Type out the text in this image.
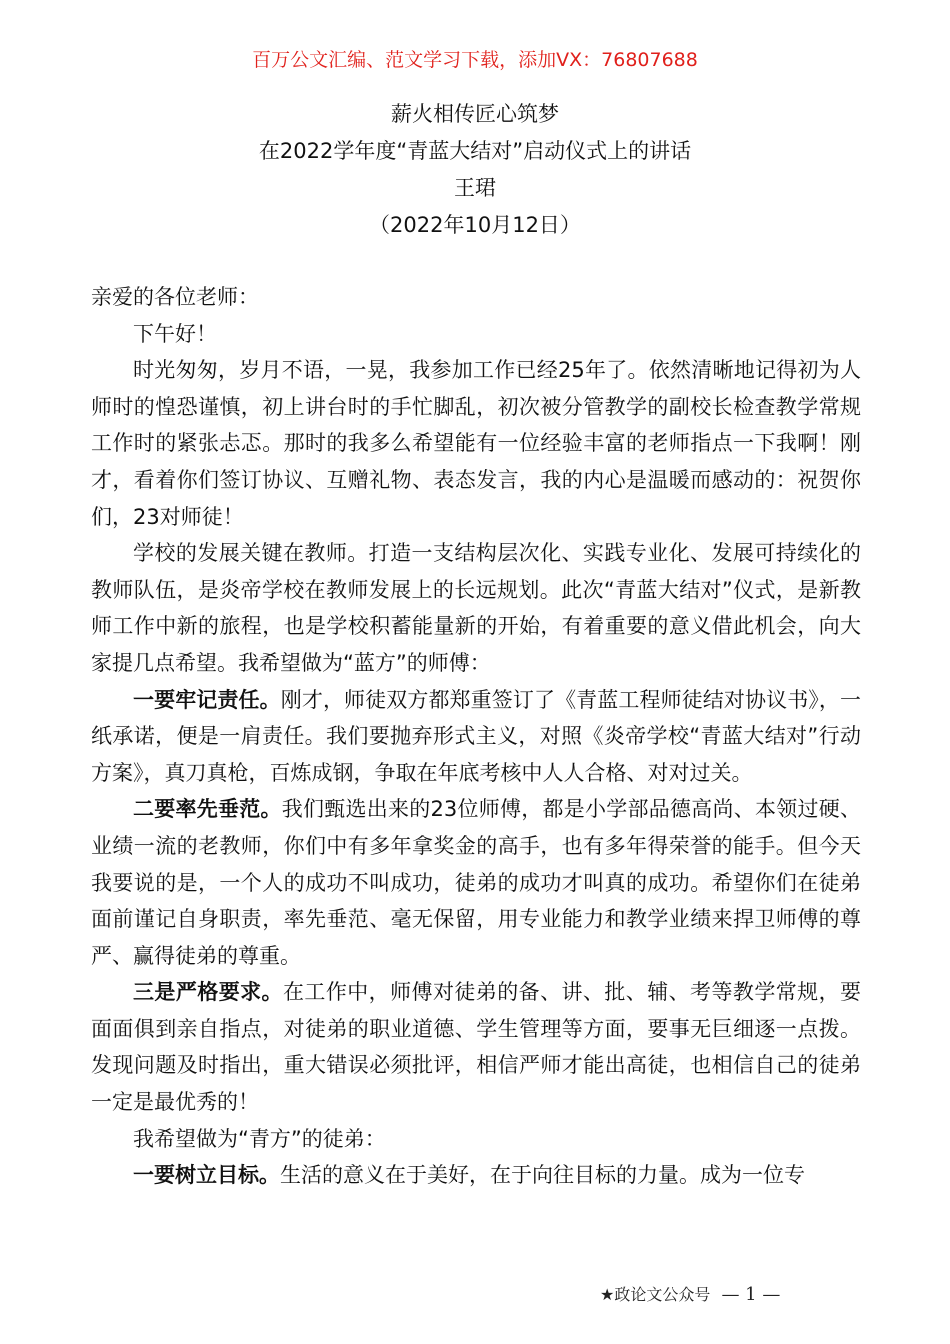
百万公文汇编、范文学习下载，添加VX：76807688
薪火相传匠心筑梦
在2022学年度“青蓝大结对”启动仪式上的讲话
王珺
（2022年10月12日）

亲爱的各位老师：

下午好！

时光匆匆，岁月不语，一晃，我参加工作已经25年了。依然清晰地记得初为人师时的惶恐谨慎，初上讲台时的手忙脚乱，初次被分管教学的副校长检查教学常规工作时的紧张忐忑。那时的我多么希望能有一位经验丰富的老师指点一下我啊！刚才，看着你们签订协议、互赠礼物、表态发言，我的内心是温暖而感动的：祝贺你们，23对师徒！

学校的发展关键在教师。打造一支结构层次化、实践专业化、发展可持续化的教师队伍，是炎帝学校在教师发展上的长远规划。此次“青蓝大结对”仪式，是新教师工作中新的旅程，也是学校积蓄能量新的开始，有着重要的意义借此机会，向大家提几点希望。我希望做为“蓝方”的师傅：

一要牢记责任。刚才，师徒双方都郑重签订了《青蓝工程师徒结对协议书》，一纸承诺，便是一肩责任。我们要抛弃形式主义，对照《炎帝学校“青蓝大结对”行动方案》，真刀真枪，百炼成钢，争取在年底考核中人人合格、对对过关。

二要率先垂范。我们甄选出来的23位师傅，都是小学部品德高尚、本领过硬、业绩一流的老教师，你们中有多年拿奖金的高手，也有多年得荣誉的能手。但今天我要说的是，一个人的成功不叫成功，徒弟的成功才叫真的成功。希望你们在徒弟面前谨记自身职责，率先垂范、毫无保留，用专业能力和教学业绩来捍卫师傅的尊严、赢得徒弟的尊重。

三是严格要求。在工作中，师傅对徒弟的备、讲、批、辅、考等教学常规，要面面俱到亲自指点，对徒弟的职业道德、学生管理等方面，要事无巨细逐一点拨。发现问题及时指出，重大错误必须批评，相信严师才能出高徒，也相信自己的徒弟一定是最优秀的！

我希望做为“青方”的徒弟：

一要树立目标。生活的意义在于美好，在于向往目标的力量。成为一位专

★政论文公众号 — 1 —
